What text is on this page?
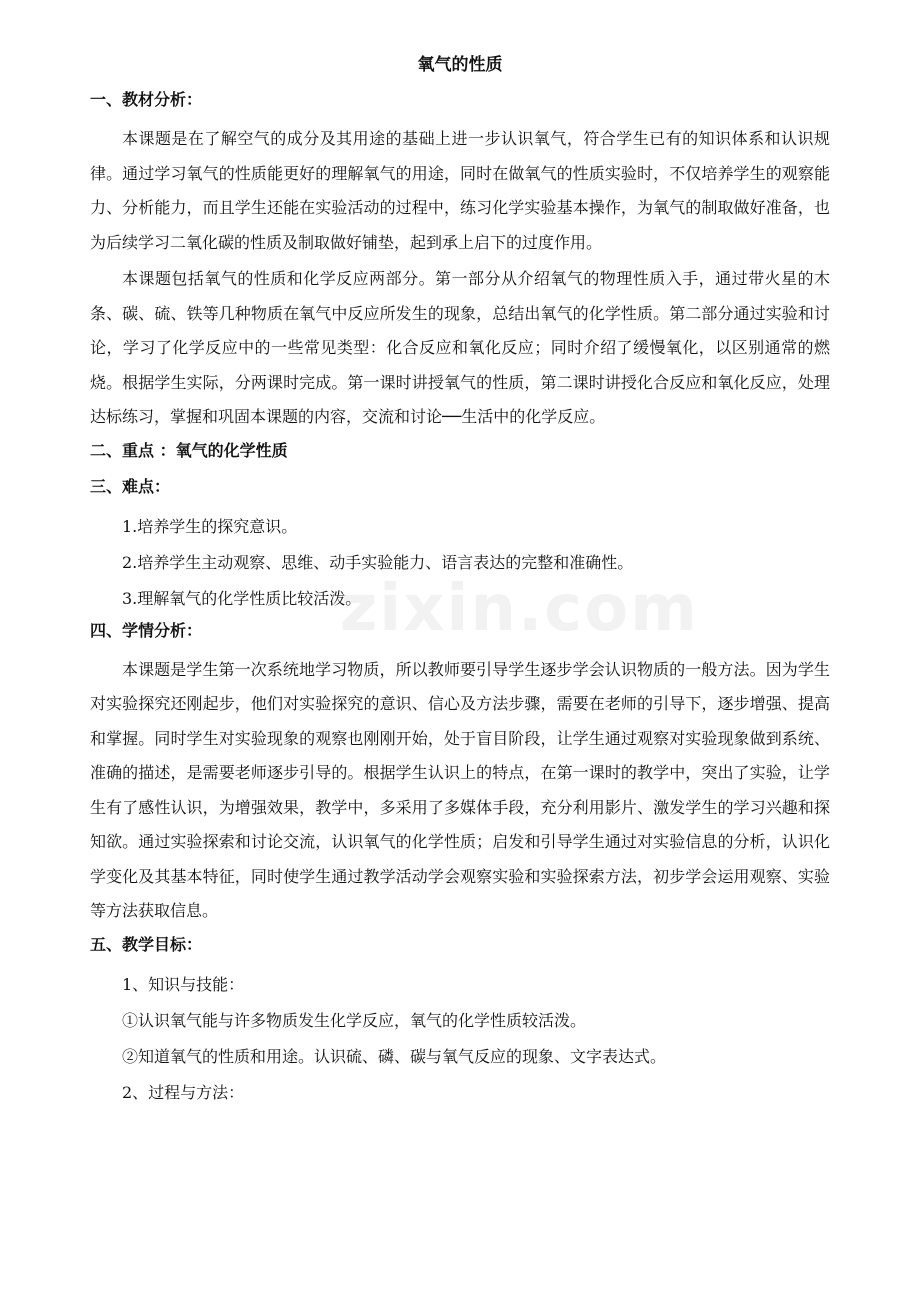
zixin.com
氧气的性质
一、教材分析：

本课题是在了解空气的成分及其用途的基础上进一步认识氧气，符合学生已有的知识体系和认识规律。通过学习氧气的性质能更好的理解氧气的用途，同时在做氧气的性质实验时，不仅培养学生的观察能力、分析能力，而且学生还能在实验活动的过程中，练习化学实验基本操作，为氧气的制取做好准备，也为后续学习二氧化碳的性质及制取做好铺垫，起到承上启下的过度作用。

本课题包括氧气的性质和化学反应两部分。第一部分从介绍氧气的物理性质入手，通过带火星的木条、碳、硫、铁等几种物质在氧气中反应所发生的现象，总结出氧气的化学性质。第二部分通过实验和讨论，学习了化学反应中的一些常见类型：化合反应和氧化反应；同时介绍了缓慢氧化，以区别通常的燃烧。根据学生实际，分两课时完成。第一课时讲授氧气的性质，第二课时讲授化合反应和氧化反应，处理达标练习，掌握和巩固本课题的内容，交流和讨论──生活中的化学反应。

二、重点 ：氧气的化学性质
三、难点：
1.培养学生的探究意识。
2.培养学生主动观察、思维、动手实验能力、语言表达的完整和准确性。
3.理解氧气的化学性质比较活泼。
四、学情分析：

本课题是学生第一次系统地学习物质，所以教师要引导学生逐步学会认识物质的一般方法。因为学生对实验探究还刚起步，他们对实验探究的意识、信心及方法步骤，需要在老师的引导下，逐步增强、提高和掌握。同时学生对实验现象的观察也刚刚开始，处于盲目阶段，让学生通过观察对实验现象做到系统、准确的描述，是需要老师逐步引导的。根据学生认识上的特点，在第一课时的教学中，突出了实验，让学生有了感性认识，为增强效果，教学中，多采用了多媒体手段，充分利用影片、激发学生的学习兴趣和探知欲。通过实验探索和讨论交流，认识氧气的化学性质；启发和引导学生通过对实验信息的分析，认识化学变化及其基本特征，同时使学生通过教学活动学会观察实验和实验探索方法，初步学会运用观察、实验等方法获取信息。

五、教学目标：
1、知识与技能：
①认识氧气能与许多物质发生化学反应，氧气的化学性质较活泼。
②知道氧气的性质和用途。认识硫、磷、碳与氧气反应的现象、文字表达式。
2、过程与方法：
